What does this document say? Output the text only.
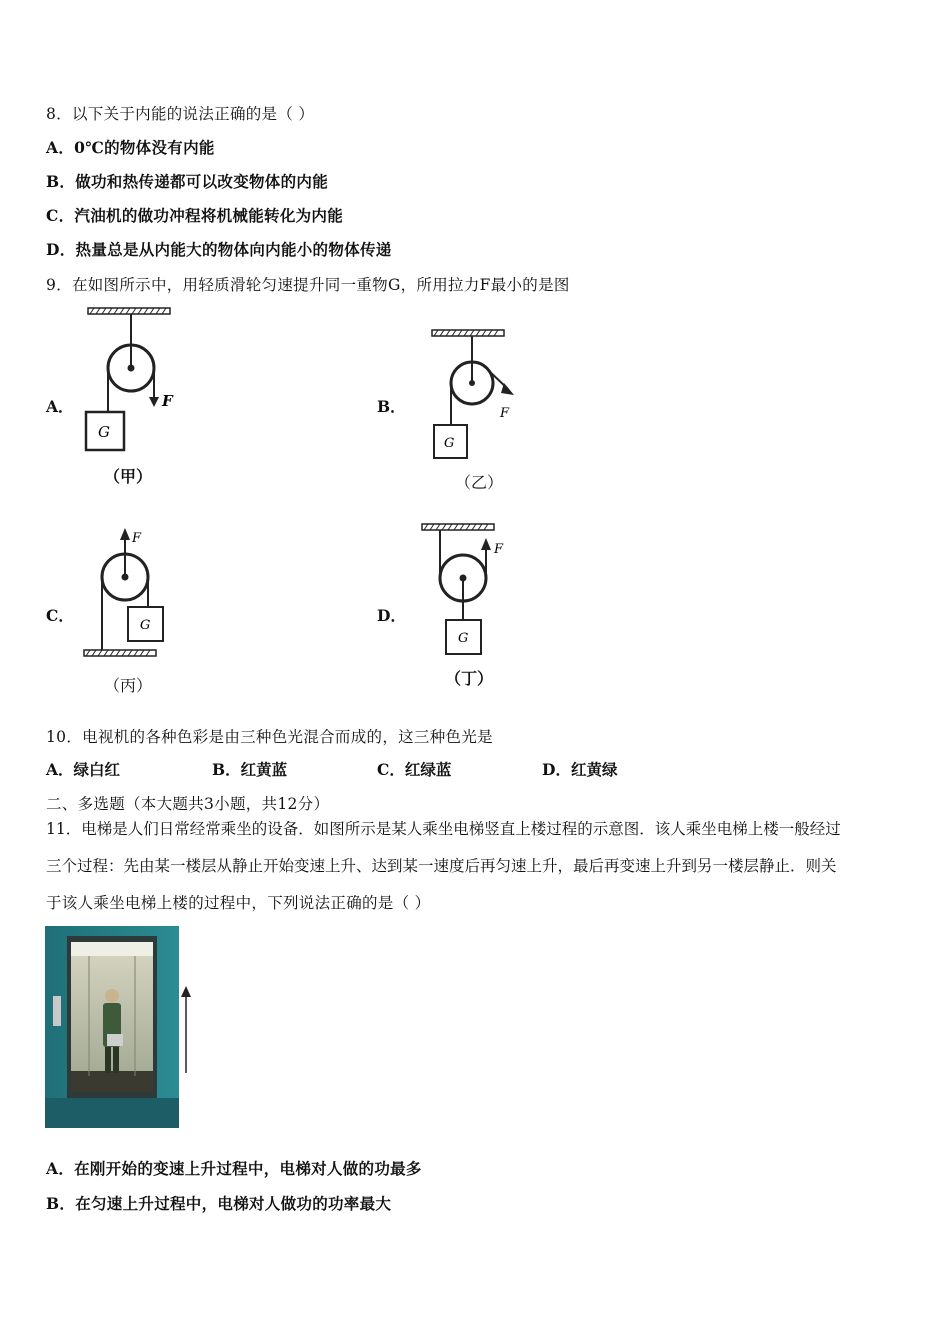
8．以下关于内能的说法正确的是（ ）
A．0℃的物体没有内能
B．做功和热传递都可以改变物体的内能
C．汽油机的做功冲程将机械能转化为内能
D．热量总是从内能大的物体向内能小的物体传递
9．在如图所示中，用轻质滑轮匀速提升同一重物G，所用拉力F最小的是图
A．	F
G
（甲）
B．	F
G
（乙）
C．
F
G
（丙）
D．
F
G
（丁）
10．电视机的各种色彩是由三种色光混合而成的，这三种色光是
A．绿白红	B．红黄蓝	C．红绿蓝	D．红黄绿
二、多选题（本大题共3小题，共12分）
11．电梯是人们日常经常乘坐的设备．如图所示是某人乘坐电梯竖直上楼过程的示意图．该人乘坐电梯上楼一般经过
三个过程：先由某一楼层从静止开始变速上升、达到某一速度后再匀速上升，最后再变速上升到另一楼层静止．则关
于该人乘坐电梯上楼的过程中，下列说法正确的是（ ）
A．在刚开始的变速上升过程中，电梯对人做的功最多
B．在匀速上升过程中，电梯对人做功的功率最大
